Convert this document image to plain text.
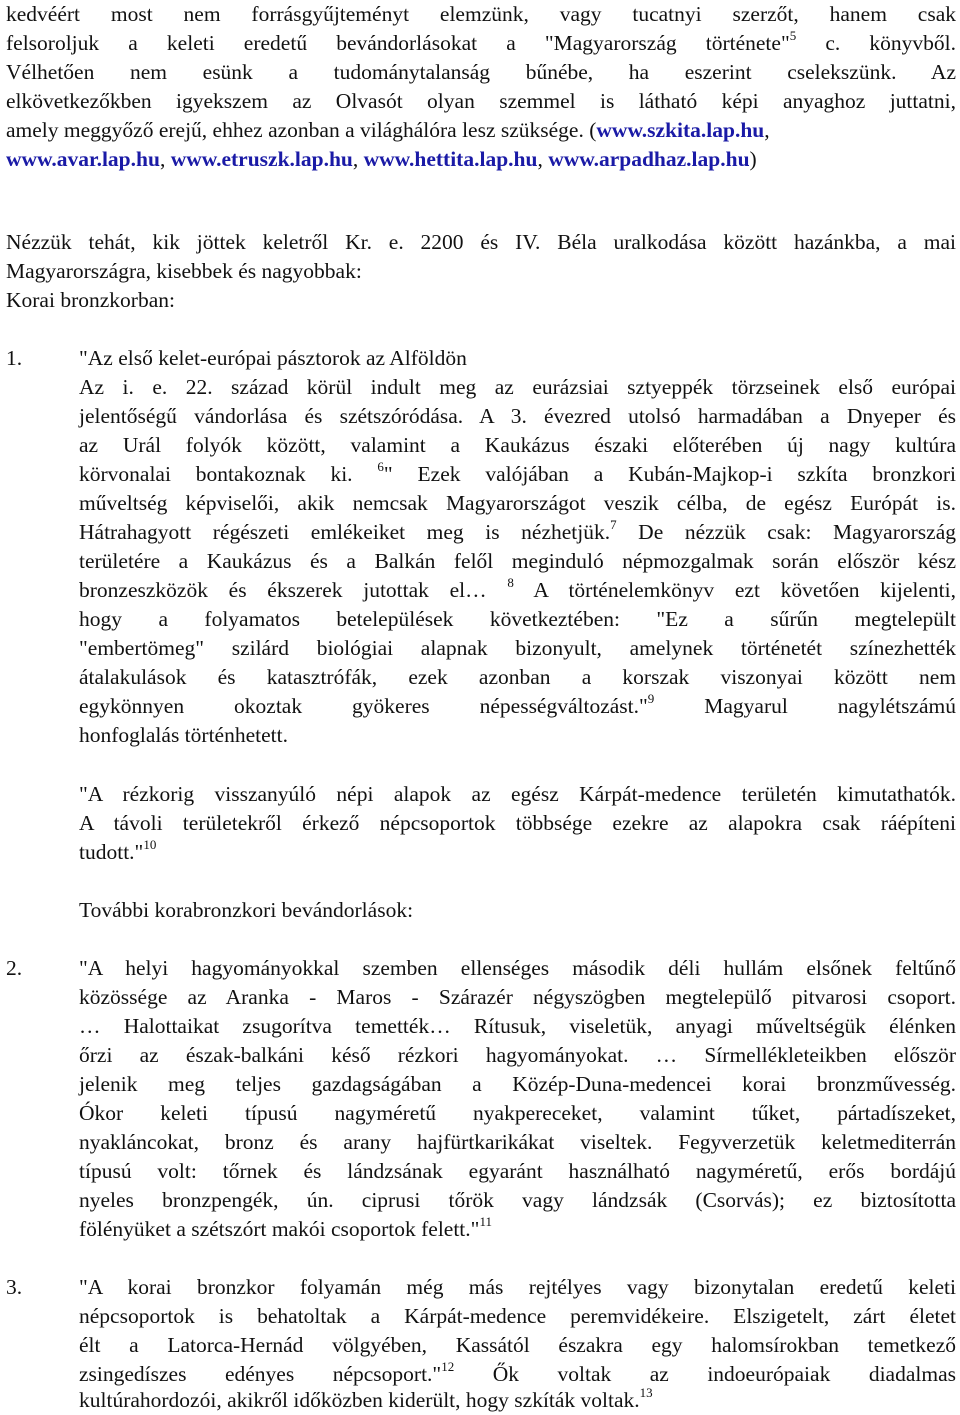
kedvéért most nem forrásgyűjteményt elemzünk, vagy tucatnyi szerzőt, hanem csak
felsoroljuk a keleti eredetű bevándorlásokat a "Magyarország története"$^5$ c. könyvből.
Vélhetően nem esünk a tudománytalanság bűnébe, ha eszerint cselekszünk. Az
elkövetkezőkben igyekszem az Olvasót olyan szemmel is látható képi anyaghoz juttatni,
amely meggyőző erejű, ehhez azonban a világhálóra lesz szüksége. (www.szkita.lap.hu,
www.avar.lap.hu, www.etruszk.lap.hu, www.hettita.lap.hu, www.arpadhaz.lap.hu)
Nézzük tehát, kik jöttek keletről Kr. e. 2200 és IV. Béla uralkodása között hazánkba, a mai
Magyarországra, kisebbek és nagyobbak:
Korai bronzkorban:
1.	"Az első kelet-európai pásztorok az Alföldön
Az i. e. 22. század körül indult meg az eurázsiai sztyeppék törzseinek első európai
jelentőségű vándorlása és szétszóródása. A 3. évezred utolsó harmadában a Dnyeper és
az Urál folyók között, valamint a Kaukázus északi előterében új nagy kultúra
körvonalai bontakoznak ki. $^6$" Ezek valójában a Kubán-Majkop-i szkíta bronzkori
műveltség képviselői, akik nemcsak Magyarországot veszik célba, de egész Európát is.
Hátrahagyott régészeti emlékeiket meg is nézhetjük.$^7$ De nézzük csak: Magyarország
területére a Kaukázus és a Balkán felől meginduló népmozgalmak során először kész
bronzeszközök és ékszerek jutottak el… $^8$ A történelemkönyv ezt követően kijelenti,
hogy a folyamatos betelepülések következtében: "Ez a sűrűn megtelepült
"embertömeg" szilárd biológiai alapnak bizonyult, amelynek történetét színezhették
átalakulások és katasztrófák, ezek azonban a korszak viszonyai között nem
egykönnyen okoztak gyökeres népességváltozást."$^9$ Magyarul nagylétszámú
honfoglalás történhetett.
"A rézkorig visszanyúló népi alapok az egész Kárpát-medence területén kimutathatók.
A távoli területekről érkező népcsoportok többsége ezekre az alapokra csak ráépíteni
tudott."$^{10}$
További korabronzkori bevándorlások:
2.	"A helyi hagyományokkal szemben ellenséges második déli hullám elsőnek feltűnő
közössége az Aranka - Maros - Szárazér négyszögben megtelepülő pitvarosi csoport.
… Halottaikat zsugorítva temették… Rítusuk, viseletük, anyagi műveltségük élénken
őrzi az észak-balkáni késő rézkori hagyományokat. … Sírmellékleteikben először
jelenik meg teljes gazdagságában a Közép-Duna-medencei korai bronzművesség.
Ókor keleti típusú nagyméretű nyakpereceket, valamint tűket, pártadíszeket,
nyakláncokat, bronz és arany hajfürtkarikákat viseltek. Fegyverzetük keletmediterrán
típusú volt: tőrnek és lándzsának egyaránt használható nagyméretű, erős bordájú
nyeles bronzpengék, ún. ciprusi tőrök vagy lándzsák (Csorvás); ez biztosította
fölényüket a szétszórt makói csoportok felett."$^{11}$
3.	"A korai bronzkor folyamán még más rejtélyes vagy bizonytalan eredetű keleti
népcsoportok is behatoltak a Kárpát-medence peremvidékeire. Elszigetelt, zárt életet
élt a Latorca-Hernád völgyében, Kassától északra egy halomsírokban temetkező
zsingedíszes edényes népcsoport."$^{12}$ Ők voltak az indoeurópaiak diadalmas
kultúrahordozói, akikről időközben kiderült, hogy szkíták voltak.$^{13}$
